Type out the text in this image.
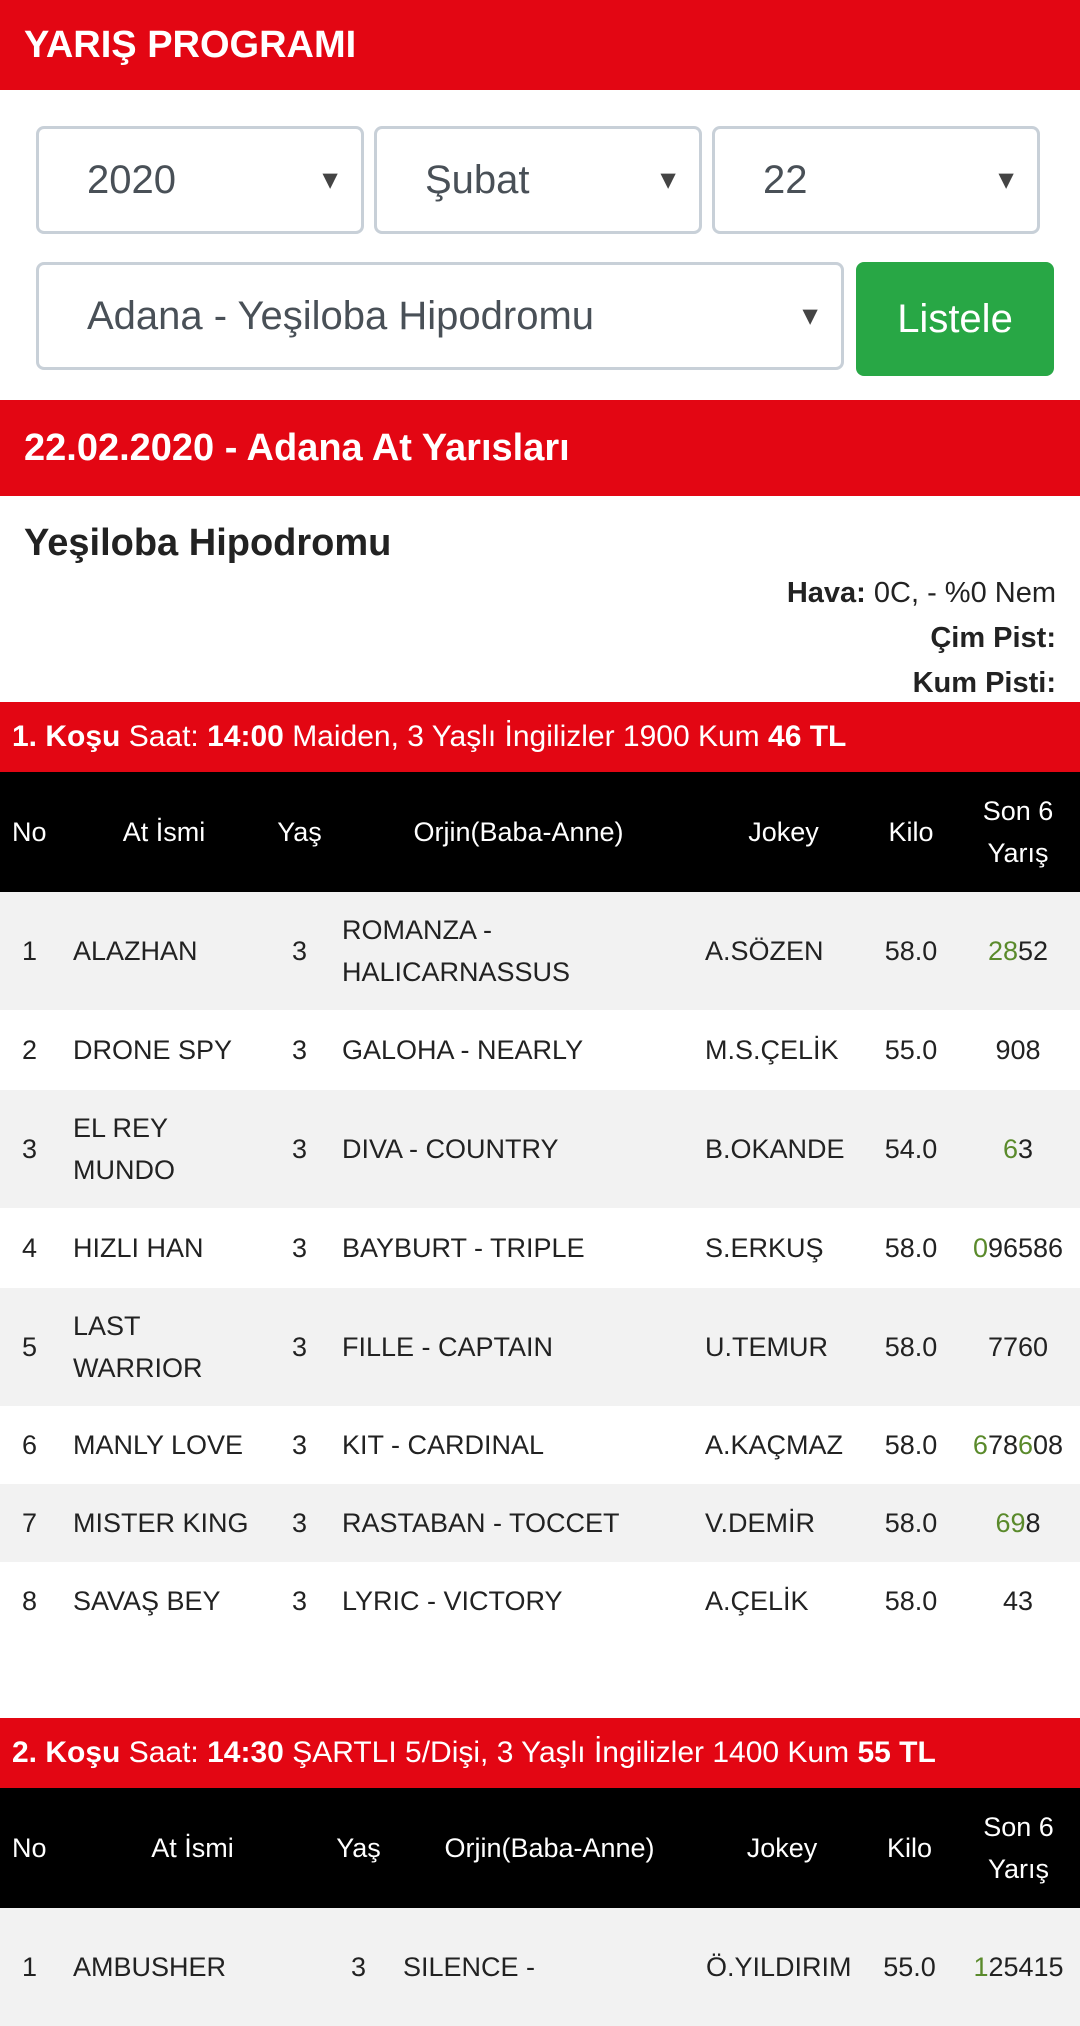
YARIŞ PROGRAMI
2020	▼ Şubat	▼ 22	▼
Adana - Yeşiloba Hipodromu	▼	Listele
22.02.2020 - Adana At Yarısları
Yeşiloba Hipodromu
Hava: 0C, - %0 Nem
Çim Pist:
Kum Pisti:
1. Koşu
Saat:
14:00
Maiden, 3 Yaşlı İngilizler 1900 Kum
46 TL
No	At İsmi	Yaş	Orjin(Baba-Anne)	Jokey	Kilo	Son 6
Yarış
1	ALAZHAN	3	ROMANZA - HALICARNASSUS	A.SÖZEN	58.0	2852
2	DRONE SPY	3	GALOHA - NEARLY	M.S.ÇELİK	55.0	908
3	EL REY MUNDO	3	DIVA - COUNTRY	B.OKANDE	54.0	63
4	HIZLI HAN	3	BAYBURT - TRIPLE	S.ERKUŞ	58.0	096586
5	LAST WARRIOR	3	FILLE - CAPTAIN	U.TEMUR	58.0	7760
6	MANLY LOVE	3	KIT - CARDINAL	A.KAÇMAZ	58.0	678608
7	MISTER KING	3	RASTABAN - TOCCET	V.DEMİR	58.0	698
8	SAVAŞ BEY	3	LYRIC - VICTORY	A.ÇELİK	58.0	43
2. Koşu
Saat:
14:30
ŞARTLI 5/Dişi, 3 Yaşlı İngilizler 1400 Kum
55 TL
No	At İsmi	Yaş	Orjin(Baba-Anne)	Jokey	Kilo	Son 6
Yarış
1	AMBUSHER	3	SILENCE -	Ö.YILDIRIM	55.0	125415
